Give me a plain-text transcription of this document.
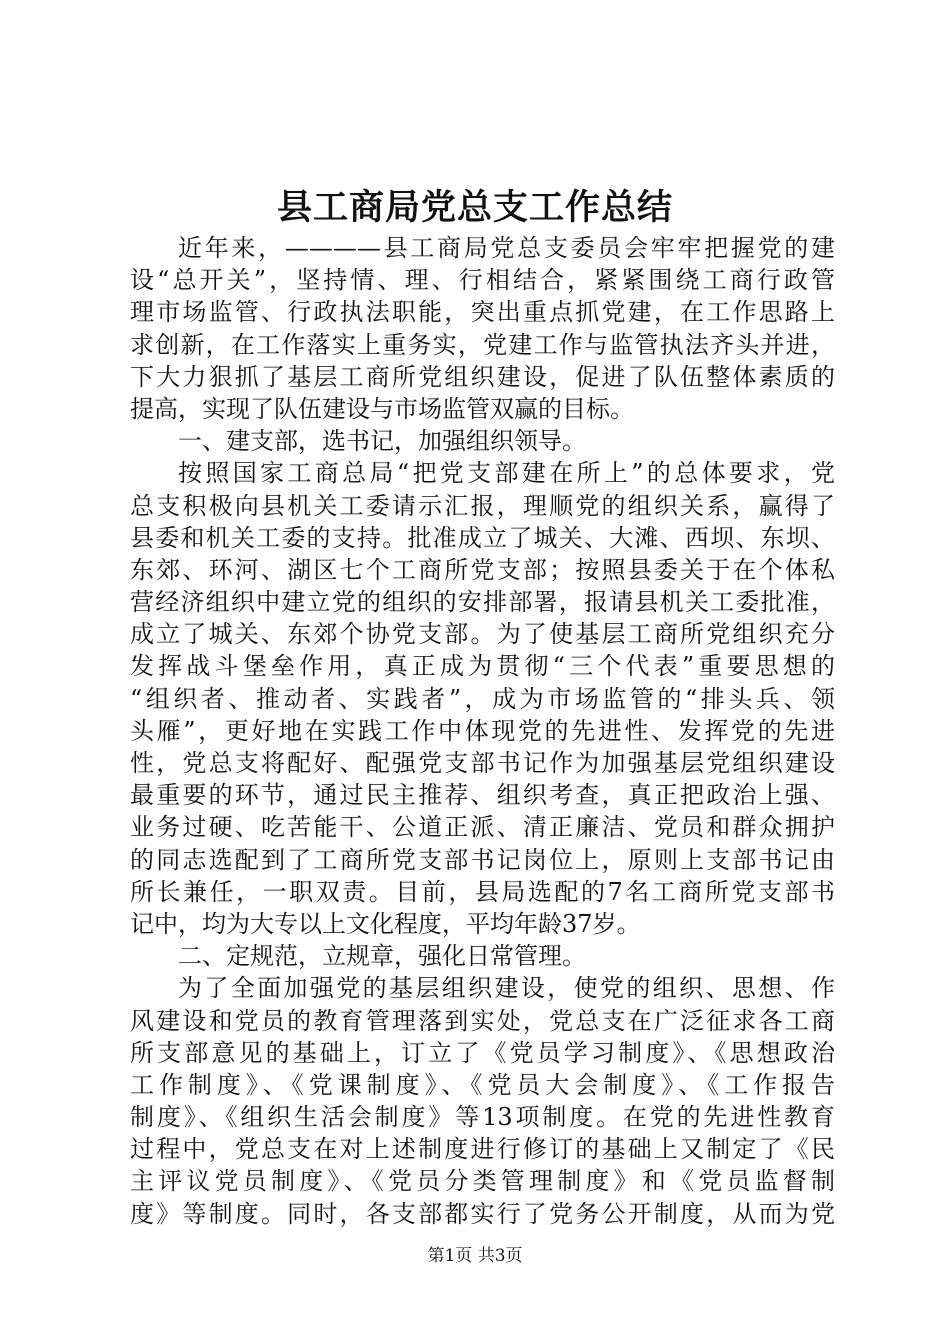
县工商局党总支工作总结
近年来，————县工商局党总支委员会牢牢把握党的建
设“总开关”，坚持情、理、行相结合，紧紧围绕工商行政管
理市场监管、行政执法职能，突出重点抓党建，在工作思路上
求创新，在工作落实上重务实，党建工作与监管执法齐头并进，
下大力狠抓了基层工商所党组织建设，促进了队伍整体素质的
提高，实现了队伍建设与市场监管双赢的目标。
一、建支部，选书记，加强组织领导。
按照国家工商总局“把党支部建在所上”的总体要求，党
总支积极向县机关工委请示汇报，理顺党的组织关系，赢得了
县委和机关工委的支持。批准成立了城关、大滩、西坝、东坝、
东郊、环河、湖区七个工商所党支部；按照县委关于在个体私
营经济组织中建立党的组织的安排部署，报请县机关工委批准，
成立了城关、东郊个协党支部。为了使基层工商所党组织充分
发挥战斗堡垒作用，真正成为贯彻“三个代表”重要思想的
“组织者、推动者、实践者”，成为市场监管的“排头兵、领
头雁”，更好地在实践工作中体现党的先进性、发挥党的先进
性，党总支将配好、配强党支部书记作为加强基层党组织建设
最重要的环节，通过民主推荐、组织考查，真正把政治上强、
业务过硬、吃苦能干、公道正派、清正廉洁、党员和群众拥护
的同志选配到了工商所党支部书记岗位上，原则上支部书记由
所长兼任，一职双责。目前，县局选配的7名工商所党支部书
记中，均为大专以上文化程度，平均年龄37岁。
二、定规范，立规章，强化日常管理。
为了全面加强党的基层组织建设，使党的组织、思想、作
风建设和党员的教育管理落到实处，党总支在广泛征求各工商
所支部意见的基础上，订立了《党员学习制度》、《思想政治
工作制度》、《党课制度》、《党员大会制度》、《工作报告
制度》、《组织生活会制度》等13项制度。在党的先进性教育
过程中，党总支在对上述制度进行修订的基础上又制定了《民
主评议党员制度》、《党员分类管理制度》和《党员监督制
度》等制度。同时，各支部都实行了党务公开制度，从而为党
第1页 共3页
